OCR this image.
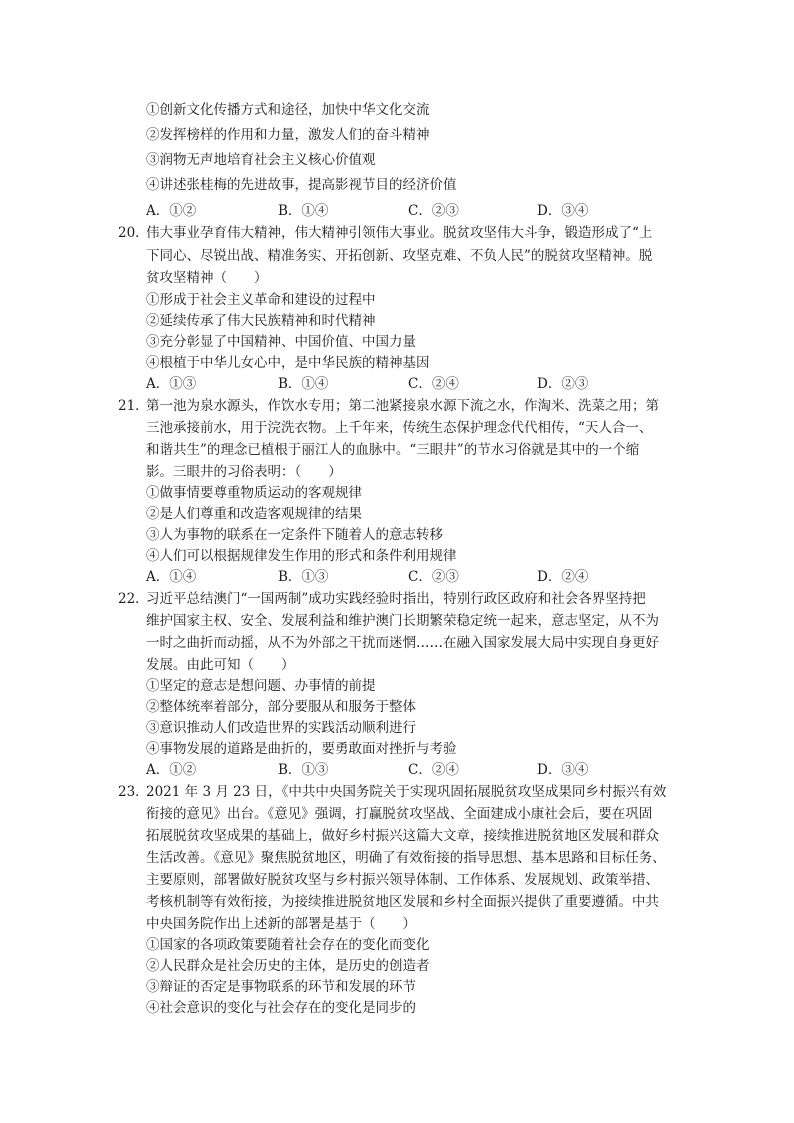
①创新文化传播方式和途径，加快中华文化交流
②发挥榜样的作用和力量，激发人们的奋斗精神
③润物无声地培育社会主义核心价值观
④讲述张桂梅的先进故事，提高影视节目的经济价值
A．①②	B．①④	C．②③	D．③④
20．
伟大事业孕育伟大精神，伟大精神引领伟大事业。脱贫攻坚伟大斗争，锻造形成了“上
下同心、尽锐出战、精准务实、开拓创新、攻坚克难、不负人民”的脱贫攻坚精神。脱
贫攻坚精神（　　）
①形成于社会主义革命和建设的过程中
②延续传承了伟大民族精神和时代精神
③充分彰显了中国精神、中国价值、中国力量
④根植于中华儿女心中，是中华民族的精神基因
A．①③	B．①④	C．②④	D．②③
21．
第一池为泉水源头，作饮水专用；第二池紧接泉水源下流之水，作淘米、洗菜之用；第
三池承接前水，用于浣洗衣物。上千年来，传统生态保护理念代代相传，“天人合一、
和谐共生”的理念已植根于丽江人的血脉中。“三眼井”的节水习俗就是其中的一个缩
影。三眼井的习俗表明：（　　）
①做事情要尊重物质运动的客观规律
②是人们尊重和改造客观规律的结果
③人为事物的联系在一定条件下随着人的意志转移
④人们可以根据规律发生作用的形式和条件利用规律
A．①④	B．①③	C．②③	D．②④
22．
习近平总结澳门“一国两制”成功实践经验时指出，特别行政区政府和社会各界坚持把
维护国家主权、安全、发展利益和维护澳门长期繁荣稳定统一起来，意志坚定，从不为
一时之曲折而动摇，从不为外部之干扰而迷惘……在融入国家发展大局中实现自身更好
发展。由此可知（　　）
①坚定的意志是想问题、办事情的前提
②整体统率着部分，部分要服从和服务于整体
③意识推动人们改造世界的实践活动顺利进行
④事物发展的道路是曲折的，要勇敢面对挫折与考验
A．①②	B．①③	C．②④	D．③④
23．
2021 年 3 月 23 日，《中共中央国务院关于实现巩固拓展脱贫攻坚成果同乡村振兴有效
衔接的意见》出台。《意见》强调，打赢脱贫攻坚战、全面建成小康社会后，要在巩固
拓展脱贫攻坚成果的基础上，做好乡村振兴这篇大文章，接续推进脱贫地区发展和群众
生活改善。《意见》聚焦脱贫地区，明确了有效衔接的指导思想、基本思路和目标任务、
主要原则，部署做好脱贫攻坚与乡村振兴领导体制、工作体系、发展规划、政策举措、
考核机制等有效衔接，为接续推进脱贫地区发展和乡村全面振兴提供了重要遵循。中共
中央国务院作出上述新的部署是基于（　　）
①国家的各项政策要随着社会存在的变化而变化
②人民群众是社会历史的主体，是历史的创造者
③辩证的否定是事物联系的环节和发展的环节
④社会意识的变化与社会存在的变化是同步的
